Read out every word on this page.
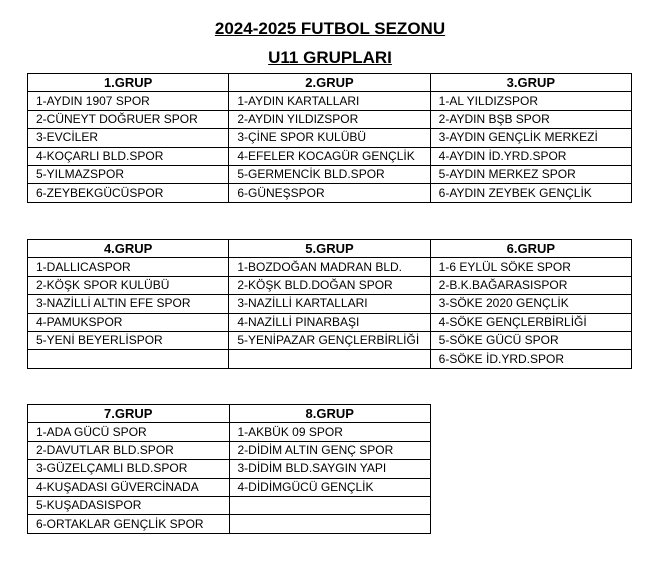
2024-2025 FUTBOL SEZONU
U11 GRUPLARI
1.GRUP	2.GRUP	3.GRUP
1-AYDIN 1907 SPOR	1-AYDIN KARTALLARI	1-AL YILDIZSPOR
2-CÜNEYT DOĞRUER SPOR	2-AYDIN YILDIZSPOR	2-AYDIN BŞB SPOR
3-EVCİLER	3-ÇİNE SPOR KULÜBÜ	3-AYDIN GENÇLİK MERKEZİ
4-KOÇARLI BLD.SPOR	4-EFELER KOCAGÜR GENÇLİK	4-AYDIN İD.YRD.SPOR
5-YILMAZSPOR	5-GERMENCİK BLD.SPOR	5-AYDIN MERKEZ SPOR
6-ZEYBEKGÜCÜSPOR	6-GÜNEŞSPOR	6-AYDIN ZEYBEK GENÇLİK
4.GRUP	5.GRUP	6.GRUP
1-DALLICASPOR	1-BOZDOĞAN MADRAN BLD.	1-6 EYLÜL SÖKE SPOR
2-KÖŞK SPOR KULÜBÜ	2-KÖŞK BLD.DOĞAN SPOR	2-B.K.BAĞARASISPOR
3-NAZİLLİ ALTIN EFE SPOR	3-NAZİLLİ KARTALLARI	3-SÖKE 2020 GENÇLİK
4-PAMUKSPOR	4-NAZİLLİ PINARBAŞI	4-SÖKE GENÇLERBİRLİĞİ
5-YENİ BEYERLİSPOR	5-YENİPAZAR GENÇLERBİRLİĞİ	5-SÖKE GÜCÜ SPOR
		6-SÖKE İD.YRD.SPOR
7.GRUP	8.GRUP
1-ADA GÜCÜ SPOR	1-AKBÜK 09 SPOR
2-DAVUTLAR BLD.SPOR	2-DİDİM ALTIN GENÇ SPOR
3-GÜZELÇAMLI BLD.SPOR	3-DİDİM BLD.SAYGIN YAPI
4-KUŞADASI GÜVERCİNADA	4-DİDİMGÜCÜ GENÇLİK
5-KUŞADASISPOR	
6-ORTAKLAR GENÇLİK SPOR	
